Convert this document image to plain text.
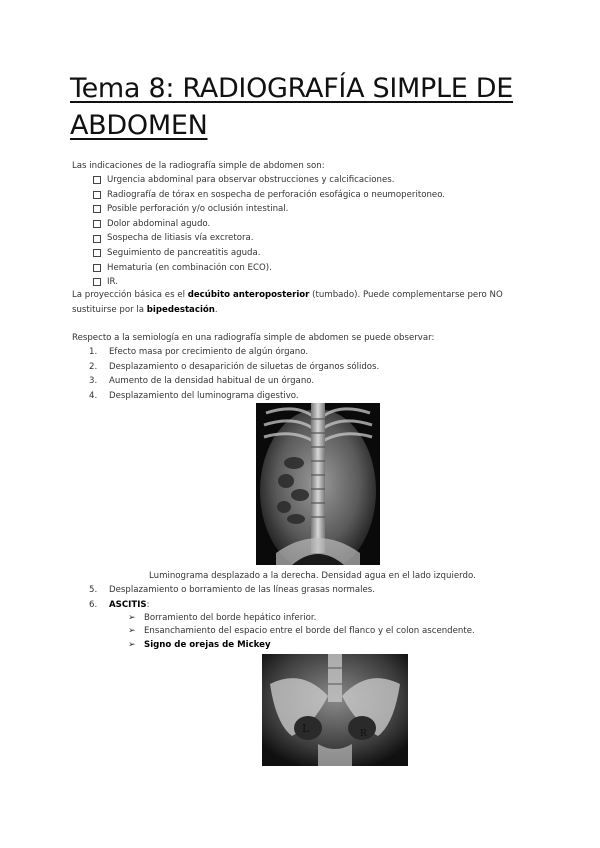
Tema 8: RADIOGRAFÍA SIMPLE DE
ABDOMEN
Las indicaciones de la radiografía simple de abdomen son:
Urgencia abdominal para observar obstrucciones y calcificaciones.
Radiografía de tórax en sospecha de perforación esofágica o neumoperitoneo.
Posible perforación y/o oclusión intestinal.
Dolor abdominal agudo.
Sospecha de litiasis vía excretora.
Seguimiento de pancreatitis aguda.
Hematuria (en combinación con ECO).
IR.

La proyección básica es el decúbito anteroposterior (tumbado). Puede complementarse pero NO sustituirse por la bipedestación.

Respecto a la semiología en una radiografía simple de abdomen se puede observar:
1.	Efecto masa por crecimiento de algún órgano.
2.	Desplazamiento o desaparición de siluetas de órganos sólidos.
3.	Aumento de la densidad habitual de un órgano.
4.	Desplazamiento del luminograma digestivo.
Luminograma desplazado a la derecha. Densidad agua en el lado izquierdo.
5.	Desplazamiento o borramiento de las líneas grasas normales.
6.	ASCITIS :
➢ Borramiento del borde hepático inferior.
➢ Ensanchamiento del espacio entre el borde del flanco y el colon ascendente.
➢ Signo de orejas de Mickey
L	R
